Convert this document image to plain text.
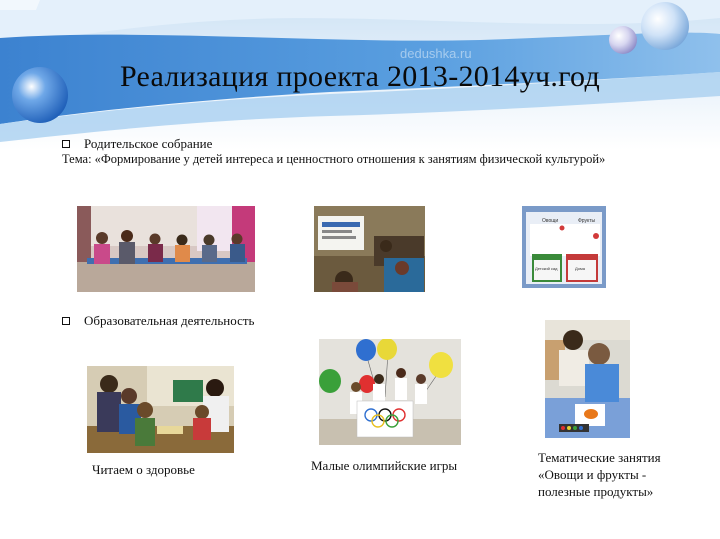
dedushka.ru
Реализация проекта 2013-2014уч.год
Родительское собрание
Тема: «Формирование у детей интереса и ценностного отношения к занятиям физической культурой»
Овощи	Фрукты
Детский сад	Дома
Образовательная деятельность
Читаем о здоровье	Малые олимпийские игры
Тематические занятия
«Овощи и фрукты -
полезные продукты»
